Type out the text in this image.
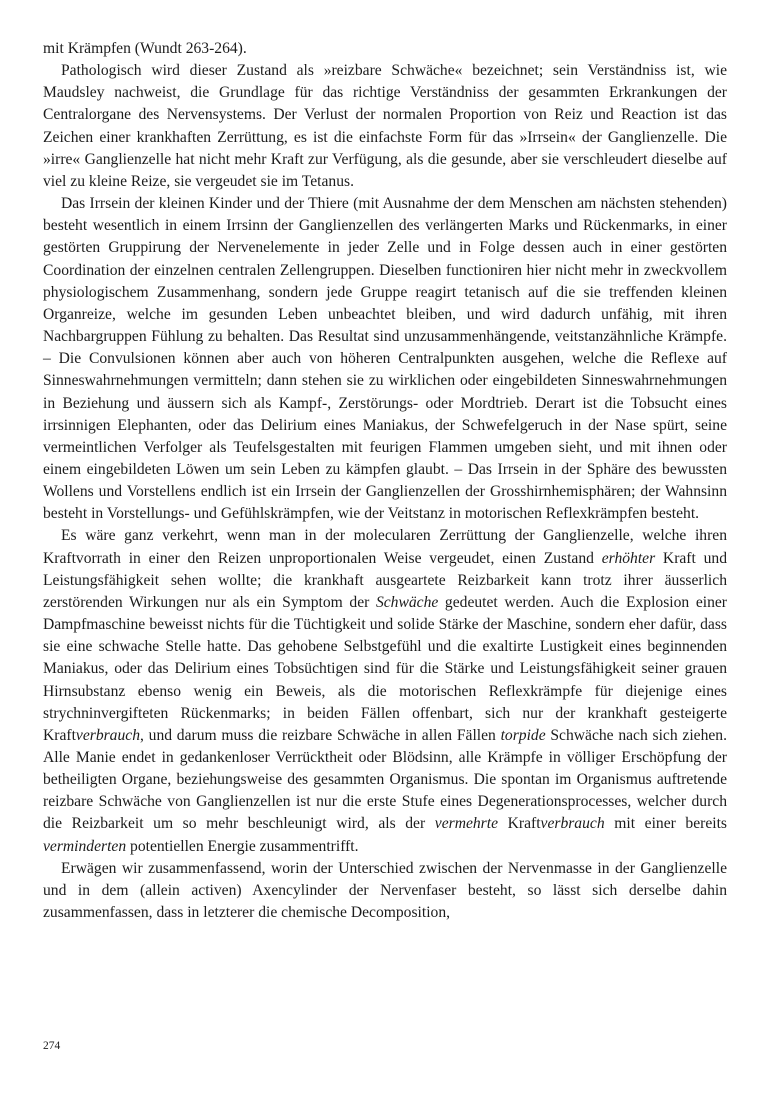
mit Krämpfen (Wundt 263-264).

Pathologisch wird dieser Zustand als »reizbare Schwäche« bezeichnet; sein Verständniss ist, wie Maudsley nachweist, die Grundlage für das richtige Verständniss der gesammten Erkrankungen der Centralorgane des Nervensystems. Der Verlust der normalen Proportion von Reiz und Reaction ist das Zeichen einer krankhaften Zerrüttung, es ist die einfachste Form für das »Irrsein« der Ganglienzelle. Die »irre« Ganglienzelle hat nicht mehr Kraft zur Verfügung, als die gesunde, aber sie verschleudert dieselbe auf viel zu kleine Reize, sie vergeudet sie im Tetanus.

Das Irrsein der kleinen Kinder und der Thiere (mit Ausnahme der dem Menschen am nächsten stehenden) besteht wesentlich in einem Irrsinn der Ganglienzellen des verlängerten Marks und Rückenmarks, in einer gestörten Gruppirung der Nervenelemente in jeder Zelle und in Folge dessen auch in einer gestörten Coordination der einzelnen centralen Zellengruppen. Dieselben functioniren hier nicht mehr in zweckvollem physiologischem Zusammenhang, sondern jede Gruppe reagirt tetanisch auf die sie treffenden kleinen Organreize, welche im gesunden Leben unbeachtet bleiben, und wird dadurch unfähig, mit ihren Nachbargruppen Fühlung zu behalten. Das Resultat sind unzusammenhängende, veitstanzähnliche Krämpfe. – Die Convulsionen können aber auch von höheren Centralpunkten ausgehen, welche die Reflexe auf Sinneswahrnehmungen vermitteln; dann stehen sie zu wirklichen oder eingebildeten Sinneswahrnehmungen in Beziehung und äussern sich als Kampf-, Zerstörungs- oder Mordtrieb. Derart ist die Tobsucht eines irrsinnigen Elephanten, oder das Delirium eines Maniakus, der Schwefelgeruch in der Nase spürt, seine vermeintlichen Verfolger als Teufelsgestalten mit feurigen Flammen umgeben sieht, und mit ihnen oder einem eingebildeten Löwen um sein Leben zu kämpfen glaubt. – Das Irrsein in der Sphäre des bewussten Wollens und Vorstellens endlich ist ein Irrsein der Ganglienzellen der Grosshirnhemisphären; der Wahnsinn besteht in Vorstellungs- und Gefühlskrämpfen, wie der Veitstanz in motorischen Reflexkrämpfen besteht.

Es wäre ganz verkehrt, wenn man in der molecularen Zerrüttung der Ganglienzelle, welche ihren Kraftvorrath in einer den Reizen unproportionalen Weise vergeudet, einen Zustand erhöhter Kraft und Leistungsfähigkeit sehen wollte; die krankhaft ausgeartete Reizbarkeit kann trotz ihrer äusserlich zerstörenden Wirkungen nur als ein Symptom der Schwäche gedeutet werden. Auch die Explosion einer Dampfmaschine beweisst nichts für die Tüchtigkeit und solide Stärke der Maschine, sondern eher dafür, dass sie eine schwache Stelle hatte. Das gehobene Selbstgefühl und die exaltirte Lustigkeit eines beginnenden Maniakus, oder das Delirium eines Tobsüchtigen sind für die Stärke und Leistungsfähigkeit seiner grauen Hirnsubstanz ebenso wenig ein Beweis, als die motorischen Reflexkrämpfe für diejenige eines strychninvergifteten Rückenmarks; in beiden Fällen offenbart, sich nur der krankhaft gesteigerte Kraftverbrauch, und darum muss die reizbare Schwäche in allen Fällen torpide Schwäche nach sich ziehen. Alle Manie endet in gedankenloser Verrücktheit oder Blödsinn, alle Krämpfe in völliger Erschöpfung der betheiligten Organe, beziehungsweise des gesammten Organismus. Die spontan im Organismus auftretende reizbare Schwäche von Ganglienzellen ist nur die erste Stufe eines Degenerationsprocesses, welcher durch die Reizbarkeit um so mehr beschleunigt wird, als der vermehrte Kraftverbrauch mit einer bereits verminderten potentiellen Energie zusammentrifft.

Erwägen wir zusammenfassend, worin der Unterschied zwischen der Nervenmasse in der Ganglienzelle und in dem (allein activen) Axencylinder der Nervenfaser besteht, so lässt sich derselbe dahin zusammenfassen, dass in letzterer die chemische Decomposition,

274
